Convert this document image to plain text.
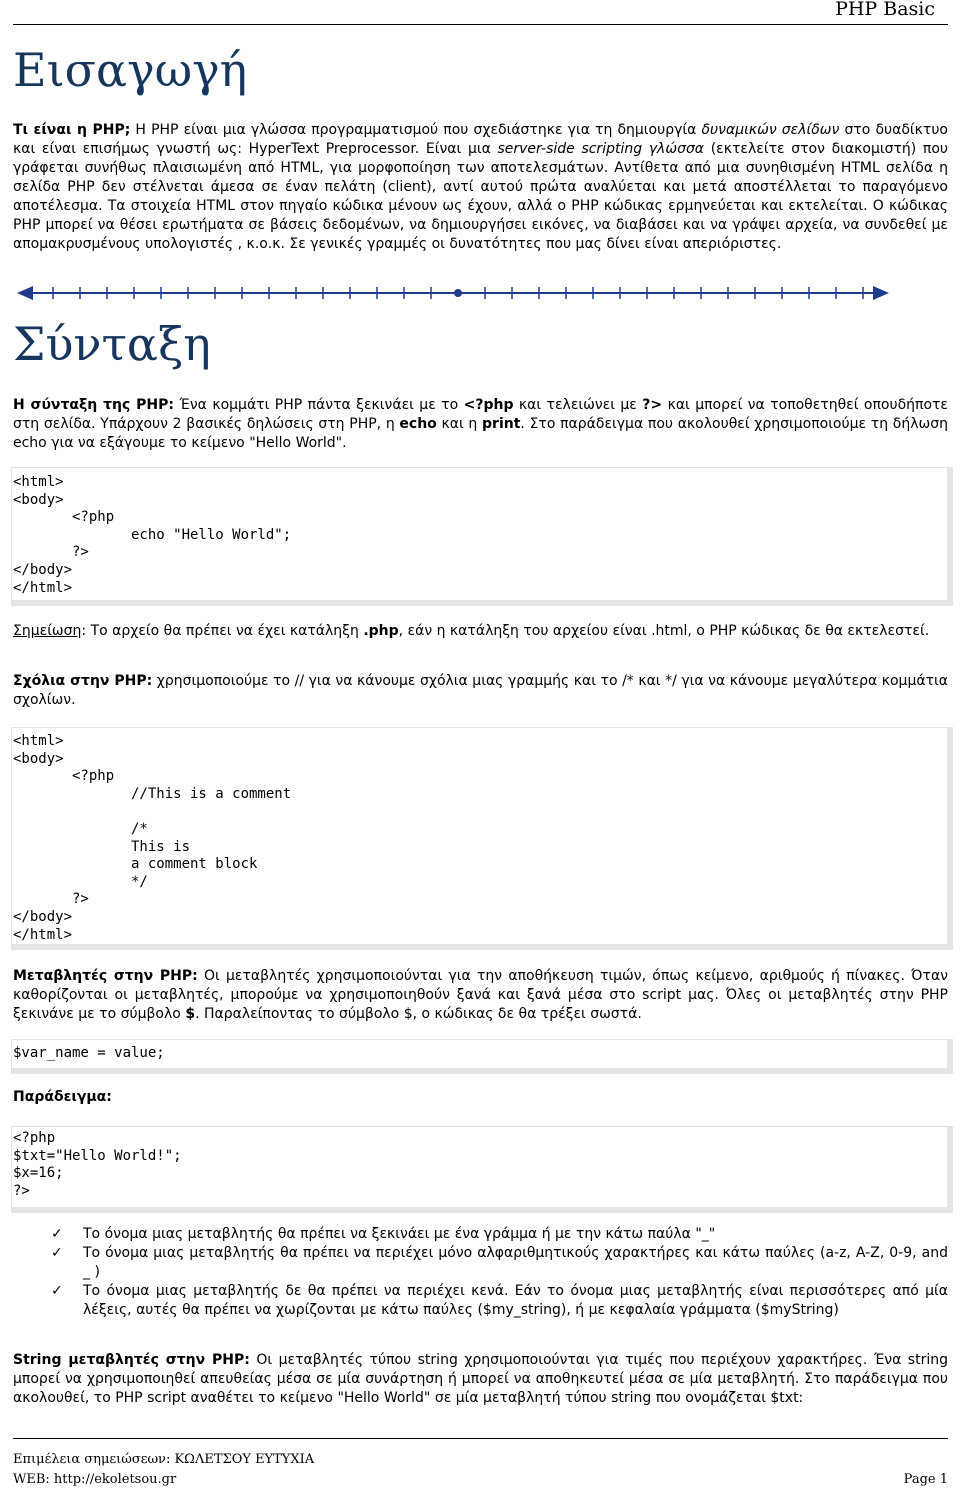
PHP Basic
Εισαγωγή

Τι είναι η PHP; Η PHP είναι μια γλώσσα προγραμματισμού που σχεδιάστηκε για τη δημιουργία δυναμικών σελίδων στο δυαδίκτυο και είναι επισήμως γνωστή ως: HyperText Preprocessor. Είναι μια server-side scripting γλώσσα (εκτελείτε στον διακομιστή) που γράφεται συνήθως πλαισιωμένη από HTML, για μορφοποίηση των αποτελεσμάτων. Αντίθετα από μια συνηθισμένη HTML σελίδα η σελίδα PHP δεν στέλνεται άμεσα σε έναν πελάτη (client), αντί αυτού πρώτα αναλύεται και μετά αποστέλλεται το παραγόμενο αποτέλεσμα. Τα στοιχεία HTML στον πηγαίο κώδικα μένουν ως έχουν, αλλά ο PHP κώδικας ερμηνεύεται και εκτελείται. Ο κώδικας PHP μπορεί να θέσει ερωτήματα σε βάσεις δεδομένων, να δημιουργήσει εικόνες, να διαβάσει και να γράψει αρχεία, να συνδεθεί με απομακρυσμένους υπολογιστές , κ.ο.κ. Σε γενικές γραμμές οι δυνατότητες που μας δίνει είναι απεριόριστες.

Σύνταξη

Η σύνταξη της PHP: Ένα κομμάτι PHP πάντα ξεκινάει με το <?php και τελειώνει με ?> και μπορεί να τοποθετηθεί οπουδήποτε στη σελίδα. Υπάρχουν 2 βασικές δηλώσεις στη PHP, η echo και η print. Στο παράδειγμα που ακολουθεί χρησιμοποιούμε τη δήλωση echo για να εξάγουμε το κείμενο "Hello World".

<html>
<body>
<?php
echo "Hello World";
?>
</body>
</html>

Σημείωση: Το αρχείο θα πρέπει να έχει κατάληξη .php, εάν η κατάληξη του αρχείου είναι .html, ο PHP κώδικας δε θα εκτελεστεί.

Σχόλια στην PHP: χρησιμοποιούμε το // για να κάνουμε σχόλια μιας γραμμής και το /* και */ για να κάνουμε μεγαλύτερα κομμάτια σχολίων.

<html>
<body>
<?php
//This is a comment

/*
This is
a comment block
*/
?>
</body>
</html>

Μεταβλητές στην PHP: Οι μεταβλητές χρησιμοποιούνται για την αποθήκευση τιμών, όπως κείμενο, αριθμούς ή πίνακες. Όταν καθορίζονται οι μεταβλητές, μπορούμε να χρησιμοποιηθούν ξανά και ξανά μέσα στο script μας. Όλες οι μεταβλητές στην PHP ξεκινάνε με το σύμβολο $. Παραλείποντας το σύμβολο $, ο κώδικας δε θα τρέξει σωστά.

$var_name = value;

Παράδειγμα:

<?php
$txt="Hello World!";
$x=16;
?>
✓ Το όνομα μιας μεταβλητής θα πρέπει να ξεκινάει με ένα γράμμα ή με την κάτω παύλα "_"
✓ Το όνομα μιας μεταβλητής θα πρέπει να περιέχει μόνο αλφαριθμητικούς χαρακτήρες και κάτω παύλες (a-z, A-Z, 0-9, and _ )
✓ Το όνομα μιας μεταβλητής δε θα πρέπει να περιέχει κενά. Εάν το όνομα μιας μεταβλητής είναι περισσότερες από μία λέξεις, αυτές θα πρέπει να χωρίζονται με κάτω παύλες ($my_string), ή με κεφαλαία γράμματα ($myString)

String μεταβλητές στην PHP: Οι μεταβλητές τύπου string χρησιμοποιούνται για τιμές που περιέχουν χαρακτήρες. Ένα string μπορεί να χρησιμοποιηθεί απευθείας μέσα σε μία συνάρτηση ή μπορεί να αποθηκευτεί μέσα σε μία μεταβλητή. Στο παράδειγμα που ακολουθεί, το PHP script αναθέτει το κείμενο "Hello World" σε μία μεταβλητή τύπου string που ονομάζεται $txt:

Επιμέλεια σημειώσεων: ΚΩΛΕΤΣΟΥ ΕΥΤΥΧΙΑ
WEB: http://ekoletsou.gr	Page 1
